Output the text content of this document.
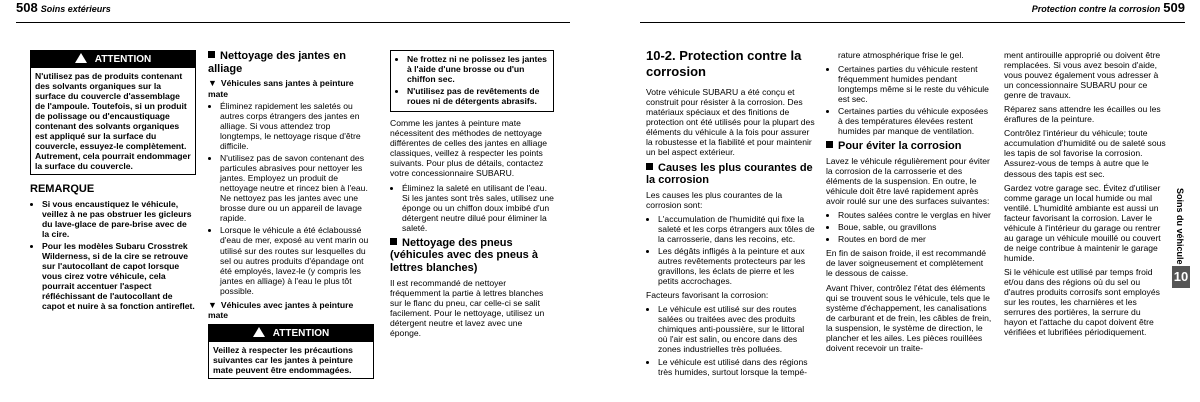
508 Soins extérieurs	Protection contre la corrosion 509
ATTENTION
N'utilisez pas de produits contenant des solvants organiques sur la surface du couvercle d'assemblage de l'ampoule. Toutefois, si un produit de polissage ou d'encaustiquage contenant des solvants organiques est appliqué sur la surface du couvercle, essuyez-le complètement. Autrement, cela pourrait endommager la surface du couvercle.
REMARQUE
• Si vous encaustiquez le véhicule, veillez à ne pas obstruer les gicleurs du lave-glace de pare-brise avec de la cire.
• Pour les modèles Subaru Crosstrek Wilderness, si de la cire se retrouve sur l'autocollant de capot lorsque vous cirez votre véhicule, cela pourrait accentuer l'aspect réfléchissant de l'autocollant de capot et nuire à sa fonction antireflet.
Nettoyage des jantes en alliage
▼ Véhicules sans jantes à peinture mate
• Éliminez rapidement les saletés ou autres corps étrangers des jantes en alliage. Si vous attendez trop longtemps, le nettoyage risque d'être difficile.
• N'utilisez pas de savon contenant des particules abrasives pour nettoyer les jantes. Employez un produit de nettoyage neutre et rincez bien à l'eau. Ne nettoyez pas les jantes avec une brosse dure ou un appareil de lavage rapide.
• Lorsque le véhicule a été éclaboussé d'eau de mer, exposé au vent marin ou utilisé sur des routes sur lesquelles du sel ou autres produits d'épandage ont été employés, lavez-le (y compris les jantes en alliage) à l'eau le plus tôt possible.
▼ Véhicules avec jantes à peinture mate
ATTENTION
Veillez à respecter les précautions suivantes car les jantes à peinture mate peuvent être endommagées.
• Ne frottez ni ne polissez les jantes à l'aide d'une brosse ou d'un chiffon sec.
• N'utilisez pas de revêtements de roues ni de détergents abrasifs.

Comme les jantes à peinture mate nécessitent des méthodes de nettoyage différentes de celles des jantes en alliage classiques, veillez à respecter les points suivants. Pour plus de détails, contactez votre concessionnaire SUBARU.

• Éliminez la saleté en utilisant de l'eau. Si les jantes sont très sales, utilisez une éponge ou un chiffon doux imbibé d'un détergent neutre dilué pour éliminer la saleté.
Nettoyage des pneus (véhicules avec des pneus à lettres blanches)

Il est recommandé de nettoyer fréquemment la partie à lettres blanches sur le flanc du pneu, car celle-ci se salit facilement. Pour le nettoyage, utilisez un détergent neutre et lavez avec une éponge.

10-2. Protection contre la corrosion

Votre véhicule SUBARU a été conçu et construit pour résister à la corrosion. Des matériaux spéciaux et des finitions de protection ont été utilisés pour la plupart des éléments du véhicule à la fois pour assurer la robustesse et la fiabilité et pour maintenir un bel aspect extérieur.

Causes les plus courantes de la corrosion

Les causes les plus courantes de la corrosion sont:

• L'accumulation de l'humidité qui fixe la saleté et les corps étrangers aux tôles de la carrosserie, dans les recoins, etc.
• Les dégâts infligés à la peinture et aux autres revêtements protecteurs par les gravillons, les éclats de pierre et les petits accrochages.

Facteurs favorisant la corrosion:

• Le véhicule est utilisé sur des routes salées ou traitées avec des produits chimiques anti-poussière, sur le littoral où l'air est salin, ou encore dans des zones industrielles très polluées.
• Le véhicule est utilisé dans des régions très humides, surtout lorsque la tempé-

rature atmosphérique frise le gel.

• Certaines parties du véhicule restent fréquemment humides pendant longtemps même si le reste du véhicule est sec.
• Certaines parties du véhicule exposées à des températures élevées restent humides par manque de ventilation.
Pour éviter la corrosion

Lavez le véhicule régulièrement pour éviter la corrosion de la carrosserie et des éléments de la suspension. En outre, le véhicule doit être lavé rapidement après avoir roulé sur une des surfaces suivantes:

• Routes salées contre le verglas en hiver
• Boue, sable, ou gravillons
• Routes en bord de mer

En fin de saison froide, il est recommandé de laver soigneusement et complètement le dessous de caisse.

Avant l'hiver, contrôlez l'état des éléments qui se trouvent sous le véhicule, tels que le système d'échappement, les canalisations de carburant et de frein, les câbles de frein, la suspension, le système de direction, le plancher et les ailes. Les pièces rouillées doivent recevoir un traite-

ment antirouille approprié ou doivent être remplacées. Si vous avez besoin d'aide, vous pouvez également vous adresser à un concessionnaire SUBARU pour ce genre de travaux.

Réparez sans attendre les écailles ou les éraflures de la peinture.

Contrôlez l'intérieur du véhicule; toute accumulation d'humidité ou de saleté sous les tapis de sol favorise la corrosion. Assurez-vous de temps à autre que le dessous des tapis est sec.

Gardez votre garage sec. Évitez d'utiliser comme garage un local humide ou mal ventilé. L'humidité ambiante est aussi un facteur favorisant la corrosion. Laver le véhicule à l'intérieur du garage ou rentrer au garage un véhicule mouillé ou couvert de neige contribue à maintenir le garage humide.

Si le véhicule est utilisé par temps froid et/ou dans des régions où du sel ou d'autres produits corrosifs sont employés sur les routes, les charnières et les serrures des portières, la serrure du hayon et l'attache du capot doivent être vérifiées et lubrifiées périodiquement.

Soins du véhicule
10
